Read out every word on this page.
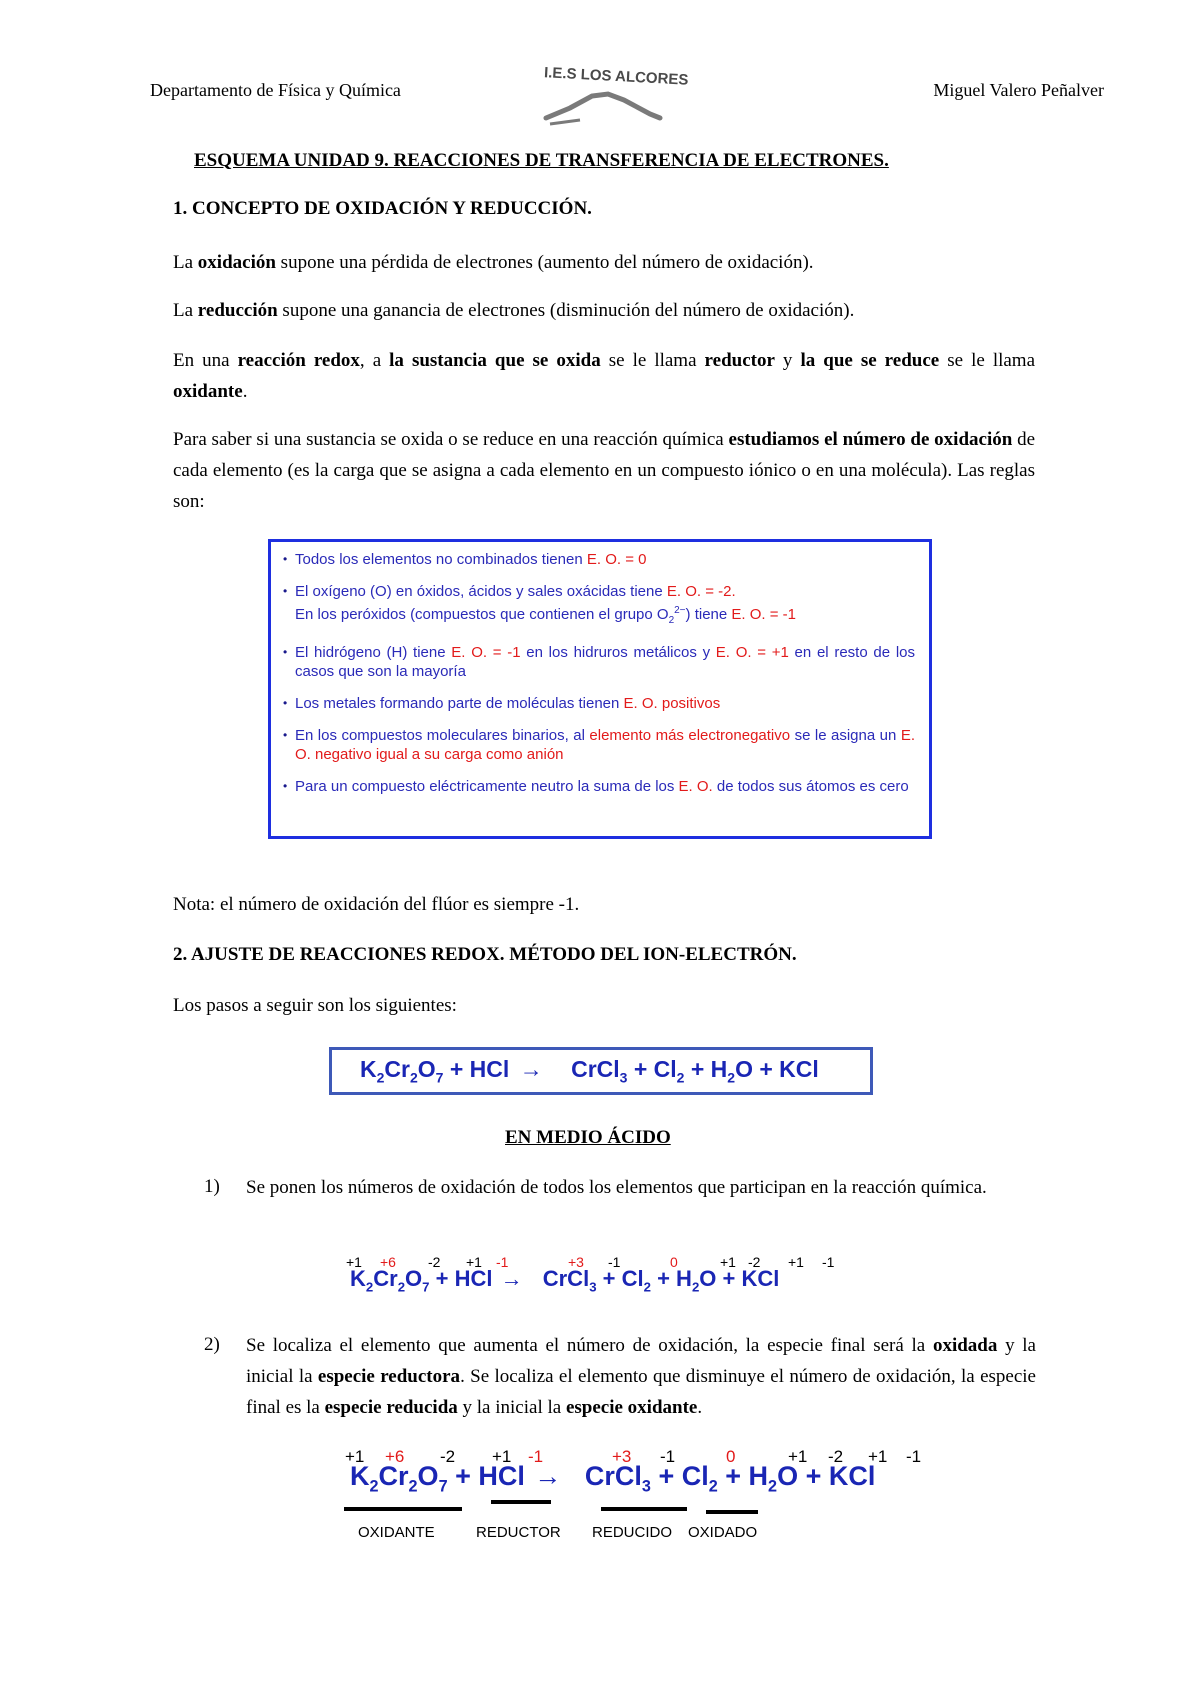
Departamento de Física y Química
I.E.S LOS ALCORES
Miguel Valero Peñalver
ESQUEMA UNIDAD 9. REACCIONES DE TRANSFERENCIA DE ELECTRONES.
1. CONCEPTO DE OXIDACIÓN Y REDUCCIÓN.
La oxidación supone una pérdida de electrones (aumento del número de oxidación).
La reducción supone una ganancia de electrones (disminución del número de oxidación).
En una reacción redox, a la sustancia que se oxida se le llama reductor y la que se reduce se le llama oxidante.
Para saber si una sustancia se oxida o se reduce en una reacción química estudiamos el número de oxidación de cada elemento (es la carga que se asigna a cada elemento en un compuesto iónico o en una molécula). Las reglas son:
• Todos los elementos no combinados tienen E. O. = 0
• El oxígeno (O) en óxidos, ácidos y sales oxácidas tiene E. O. = -2.
En los peróxidos (compuestos que contienen el grupo $O_2^{2-}$) tiene E. O. = -1
• El hidrógeno (H) tiene E. O. = -1 en los hidruros metálicos y E. O. = +1 en el resto de los casos que son la mayoría
• Los metales formando parte de moléculas tienen E. O. positivos
• En los compuestos moleculares binarios, al elemento más electronegativo se le asigna un E. O. negativo igual a su carga como anión
• Para un compuesto eléctricamente neutro la suma de los E. O. de todos sus átomos es cero
Nota: el número de oxidación del flúor es siempre -1.
2. AJUSTE DE REACCIONES REDOX. MÉTODO DEL ION-ELECTRÓN.
Los pasos a seguir son los siguientes:
$K_2Cr_2O_7$ + HCl → CrCl$_3$ + $Cl_2 + H_2O$ + KCl
EN MEDIO ÁCIDO
1) Se ponen los números de oxidación de todos los elementos que participan en la reacción química.
+1 +6 -2 +1 -1	+3 -1	0	+1 -2 +1 -1
$K_2Cr_2O_7$ + HCl → CrCl$_3$ + $Cl_2 + H_2O$ + KCl
2) Se localiza el elemento que aumenta el número de oxidación, la especie final será la oxidada y la inicial la especie reductora. Se localiza el elemento que disminuye el número de oxidación, la especie final es la especie reducida y la inicial la especie oxidante.
+1 +6 -2 +1 -1	+3 -1	0	+1 -2 +1 -1
$K_2Cr_2O_7$ + HCl → CrCl$_3$ + $Cl_2 + H_2O$ + KCl
OXIDANTE	REDUCTOR REDUCIDO OXIDADO
